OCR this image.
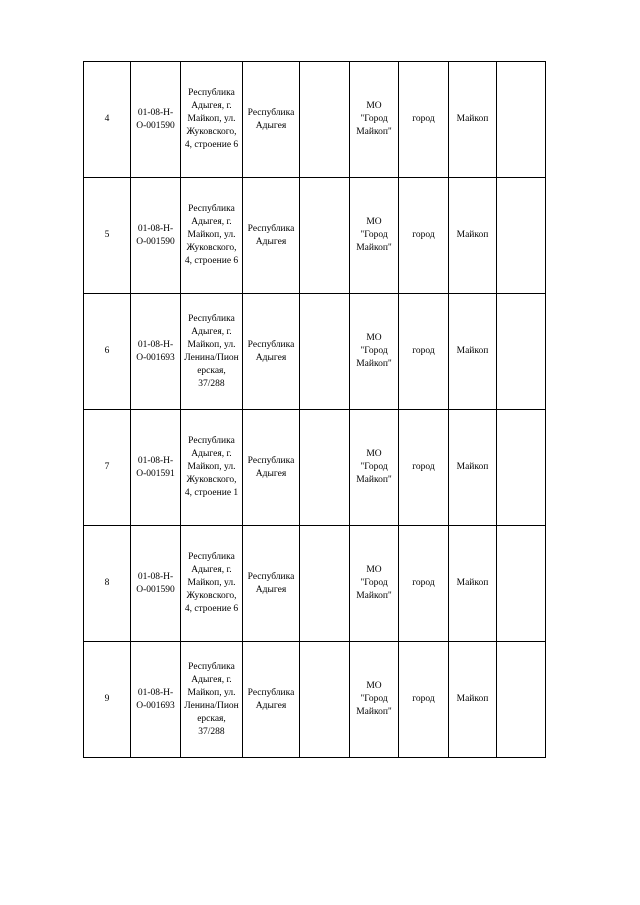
4	01-08-Н-
О-001590	Республика
Адыгея, г.
Майкоп, ул.
Жуковского,
4, строение 6	Республика
Адыгея		МО
"Город
Майкоп"	город	Майкоп	

5	01-08-Н-
О-001590	Республика
Адыгея, г.
Майкоп, ул.
Жуковского,
4, строение 6	Республика
Адыгея		МО
"Город
Майкоп"	город	Майкоп	

6	01-08-Н-
О-001693	Республика
Адыгея, г.
Майкоп, ул.
Ленина/Пион
ерская, 37/288	Республика
Адыгея		МО
"Город
Майкоп"	город	Майкоп	

7	01-08-Н-
О-001591	Республика
Адыгея, г.
Майкоп, ул.
Жуковского,
4, строение 1	Республика
Адыгея		МО
"Город
Майкоп"	город	Майкоп	

8	01-08-Н-
О-001590	Республика
Адыгея, г.
Майкоп, ул.
Жуковского,
4, строение 6	Республика
Адыгея		МО
"Город
Майкоп"	город	Майкоп	

9	01-08-Н-
О-001693	Республика
Адыгея, г.
Майкоп, ул.
Ленина/Пион
ерская, 37/288	Республика
Адыгея		МО
"Город
Майкоп"	город	Майкоп	
